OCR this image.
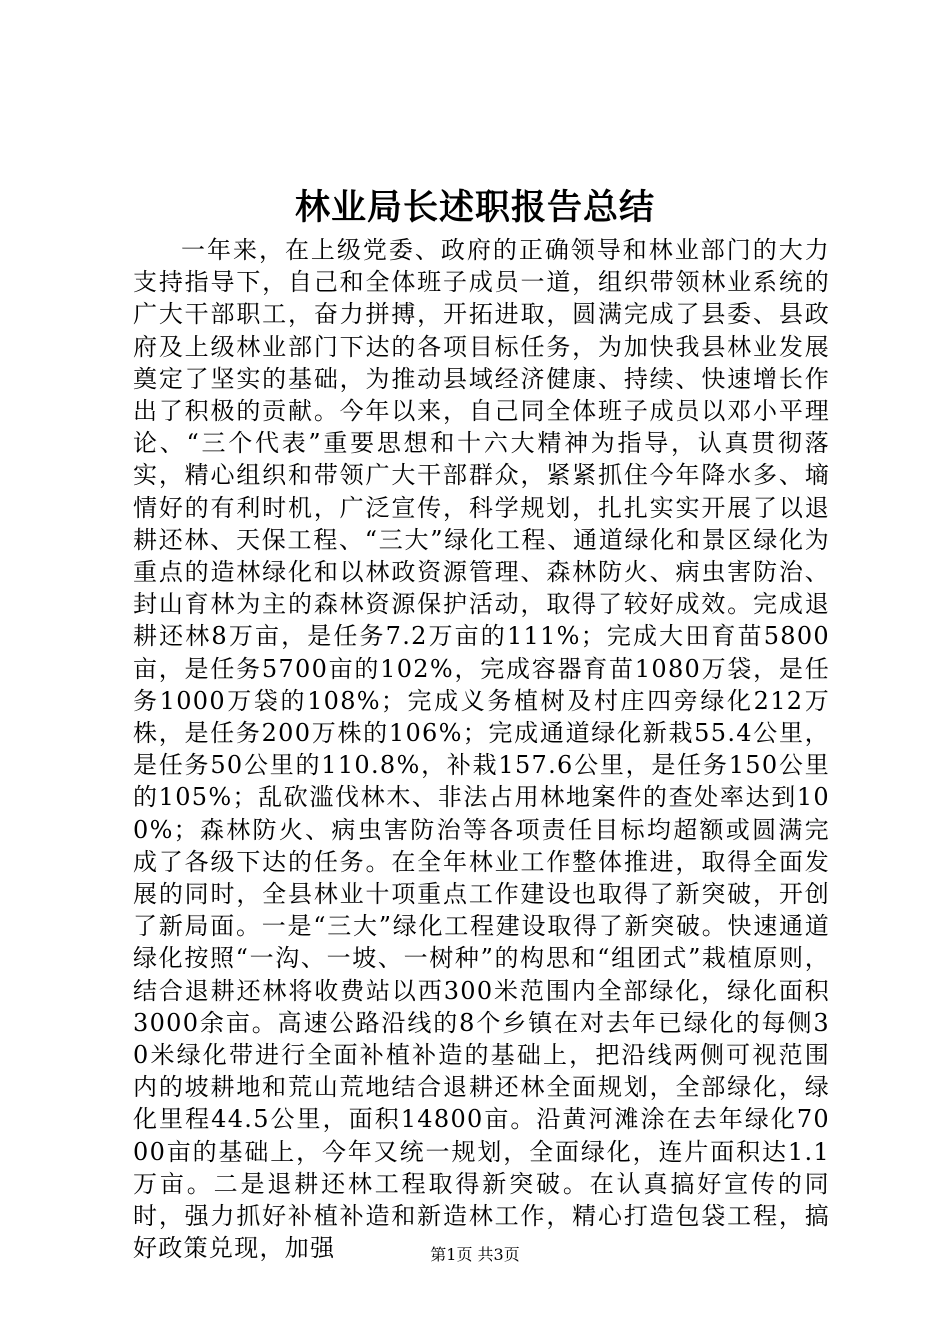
林业局长述职报告总结

一年来，在上级党委、政府的正确领导和林业部门的大力支持指导下，自己和全体班子成员一道，组织带领林业系统的广大干部职工，奋力拼搏，开拓进取，圆满完成了县委、县政府及上级林业部门下达的各项目标任务，为加快我县林业发展奠定了坚实的基础，为推动县域经济健康、持续、快速增长作出了积极的贡献。今年以来，自己同全体班子成员以邓小平理论、“三个代表”重要思想和十六大精神为指导，认真贯彻落实，精心组织和带领广大干部群众，紧紧抓住今年降水多、墒情好的有利时机，广泛宣传，科学规划，扎扎实实开展了以退耕还林、天保工程、“三大”绿化工程、通道绿化和景区绿化为重点的造林绿化和以林政资源管理、森林防火、病虫害防治、封山育林为主的森林资源保护活动，取得了较好成效。完成退耕还林8万亩，是任务7.2万亩的111%；完成大田育苗5800亩，是任务5700亩的102%，完成容器育苗1080万袋，是任务1000万袋的108%；完成义务植树及村庄四旁绿化212万株，是任务200万株的106%；完成通道绿化新栽55.4公里，是任务50公里的110.8%，补栽157.6公里，是任务150公里的105%；乱砍滥伐林木、非法占用林地案件的查处率达到100%；森林防火、病虫害防治等各项责任目标均超额或圆满完成了各级下达的任务。在全年林业工作整体推进，取得全面发展的同时，全县林业十项重点工作建设也取得了新突破，开创了新局面。一是“三大”绿化工程建设取得了新突破。快速通道绿化按照“一沟、一坡、一树种”的构思和“组团式”栽植原则，结合退耕还林将收费站以西300米范围内全部绿化，绿化面积3000余亩。高速公路沿线的8个乡镇在对去年已绿化的每侧30米绿化带进行全面补植补造的基础上，把沿线两侧可视范围内的坡耕地和荒山荒地结合退耕还林全面规划，全部绿化，绿化里程44.5公里，面积14800亩。沿黄河滩涂在去年绿化7000亩的基础上，今年又统一规划，全面绿化，连片面积达1.1万亩。二是退耕还林工程取得新突破。在认真搞好宣传的同时，强力抓好补植补造和新造林工作，精心打造包袋工程，搞好政策兑现，加强	第1页 共3页
